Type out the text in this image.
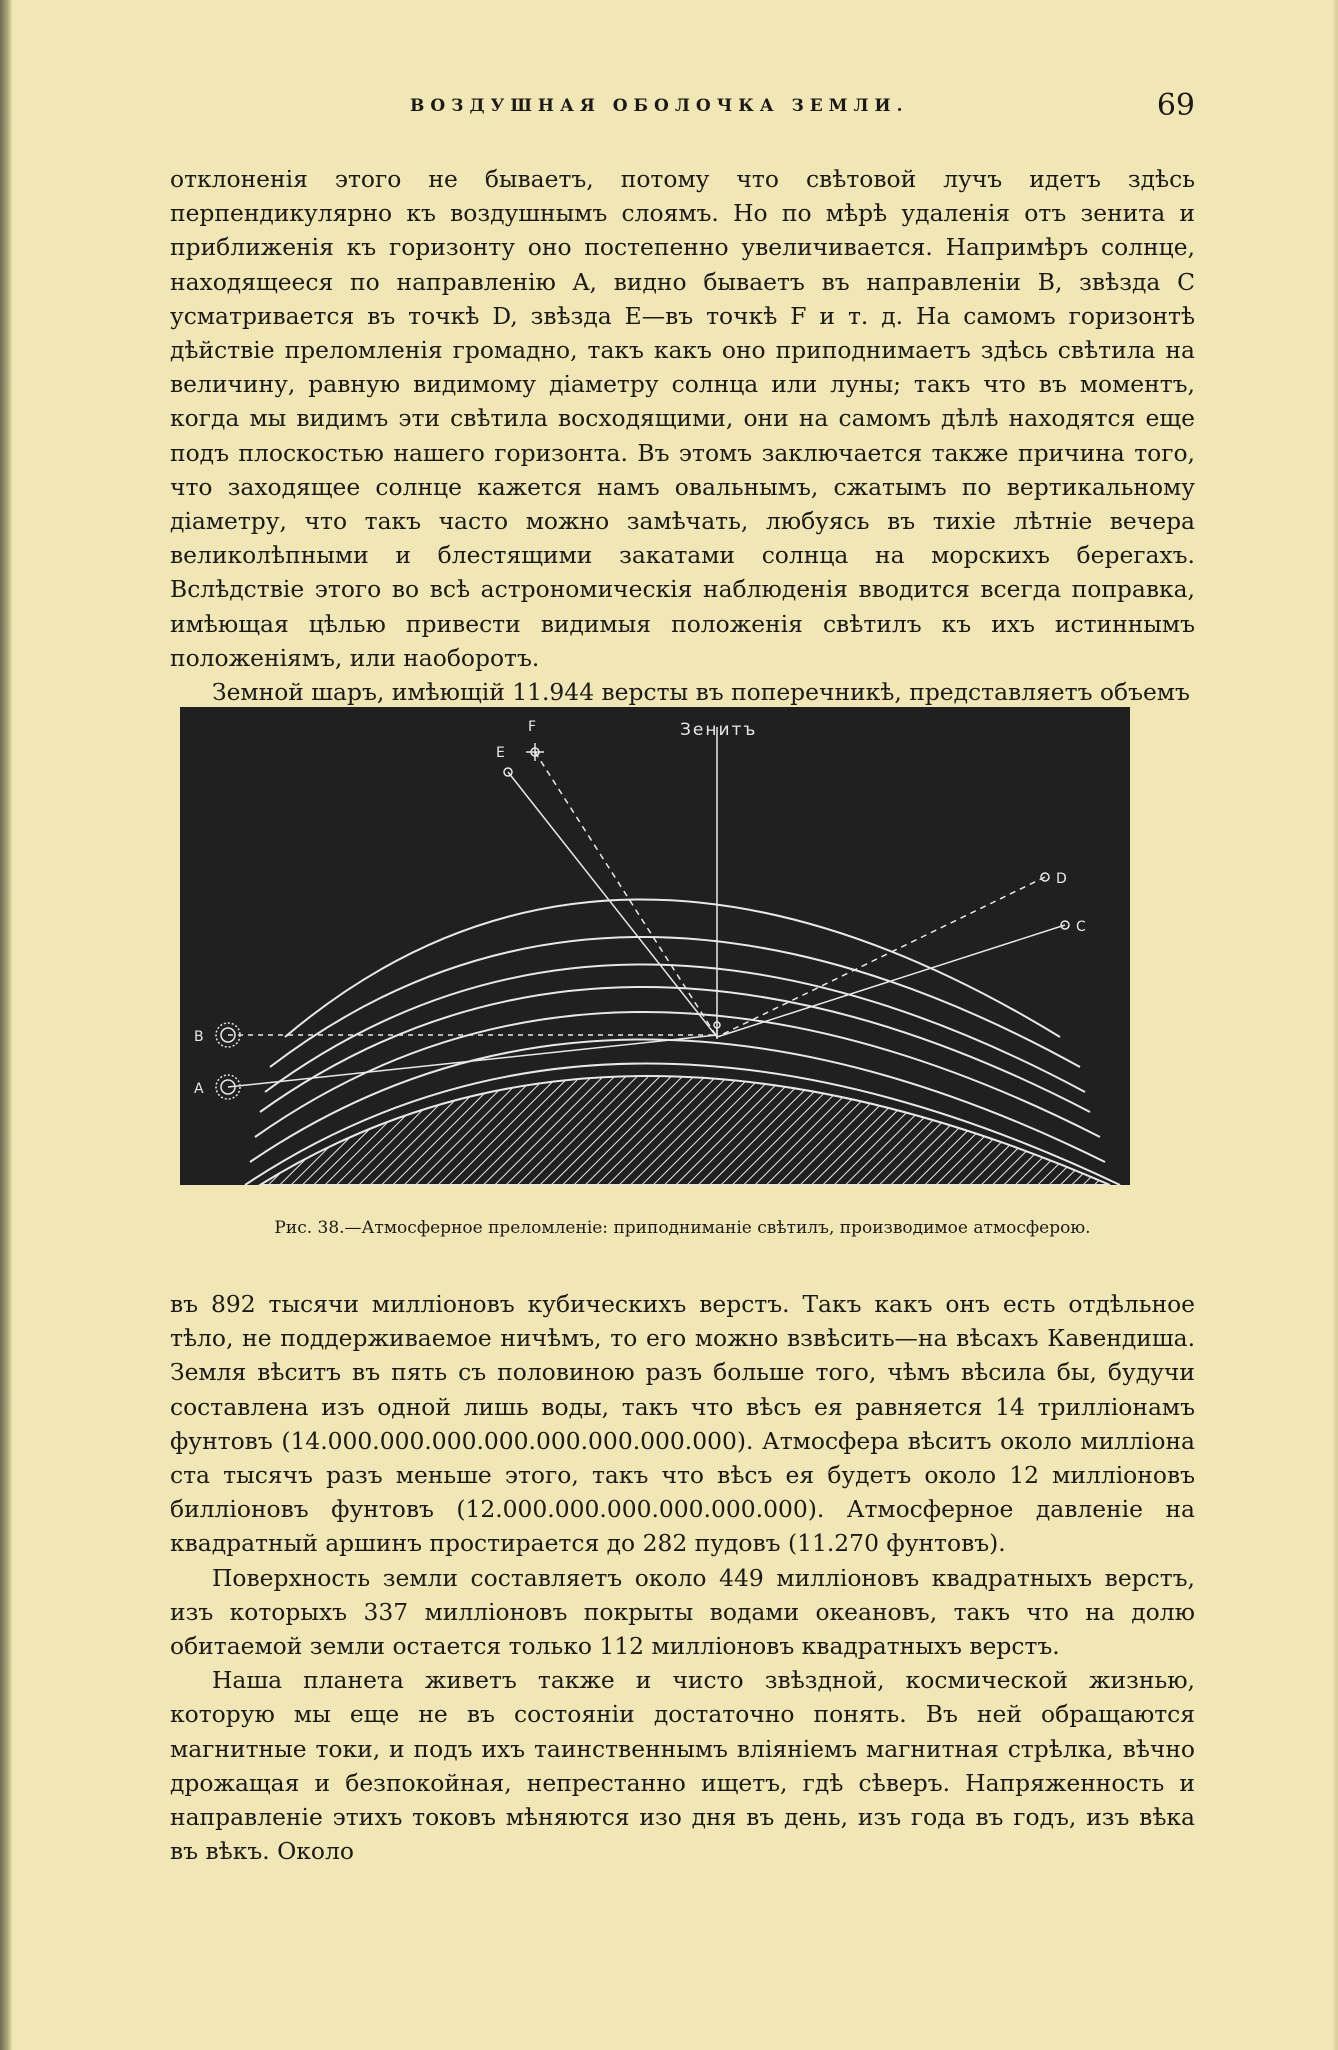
ВОЗДУШНАЯ ОБОЛОЧКА ЗЕМЛИ.	69

отклоненія этого не бываетъ, потому что свѣтовой лучъ идетъ здѣсь перпендикулярно къ воздушнымъ слоямъ. Но по мѣрѣ удаленія отъ зенита и приближенія къ горизонту оно постепенно увеличивается. Напримѣръ солнце, находящееся по направленію A, видно бываетъ въ направленіи B, звѣзда C усматривается въ точкѣ D, звѣзда E—въ точкѣ F и т. д. На самомъ горизонтѣ дѣйствіе преломленія громадно, такъ какъ оно приподнимаетъ здѣсь свѣтила на величину, равную видимому діаметру солнца или луны; такъ что въ моментъ, когда мы видимъ эти свѣтила восходящими, они на самомъ дѣлѣ находятся еще подъ плоскостью нашего горизонта. Въ этомъ заключается также причина того, что заходящее солнце кажется намъ овальнымъ, сжатымъ по вертикальному діаметру, что такъ часто можно замѣчать, любуясь въ тихіе лѣтніе вечера великолѣпными и блестящими закатами солнца на морскихъ берегахъ. Вслѣдствіе этого во всѣ астрономическія наблюденія вводится всегда поправка, имѣющая цѣлью привести видимыя положенія свѣтилъ къ ихъ истиннымъ положеніямъ, или наоборотъ.

Земной шаръ, имѣющій 11.944 версты въ поперечникѣ, представляетъ объемъ

Зенитъ
A
B
C
D
E
F
Рис. 38.—Атмосферное преломленіе: приподниманіе свѣтилъ, производимое атмосферою.

въ 892 тысячи милліоновъ кубическихъ верстъ. Такъ какъ онъ есть отдѣльное тѣло, не поддерживаемое ничѣмъ, то его можно взвѣсить—на вѣсахъ Кавендиша. Земля вѣситъ въ пять съ половиною разъ больше того, чѣмъ вѣсила бы, будучи составлена изъ одной лишь воды, такъ что вѣсъ ея равняется 14 трилліонамъ фунтовъ (14.000.000.000.000.000.000.000.000). Атмосфера вѣситъ около милліона ста тысячъ разъ меньше этого, такъ что вѣсъ ея будетъ около 12 милліоновъ билліоновъ фунтовъ (12.000.000.000.000.000.000). Атмосферное давленіе на квадратный аршинъ простирается до 282 пудовъ (11.270 фунтовъ).

Поверхность земли составляетъ около 449 милліоновъ квадратныхъ верстъ, изъ которыхъ 337 милліоновъ покрыты водами океановъ, такъ что на долю обитаемой земли остается только 112 милліоновъ квадратныхъ верстъ.

Наша планета живетъ также и чисто звѣздной, космической жизнью, которую мы еще не въ состояніи достаточно понять. Въ ней обращаются магнитные токи, и подъ ихъ таинственнымъ вліяніемъ магнитная стрѣлка, вѣчно дрожащая и безпокойная, непрестанно ищетъ, гдѣ сѣверъ. Напряженность и направленіе этихъ токовъ мѣняются изо дня въ день, изъ года въ годъ, изъ вѣка въ вѣкъ. Около
